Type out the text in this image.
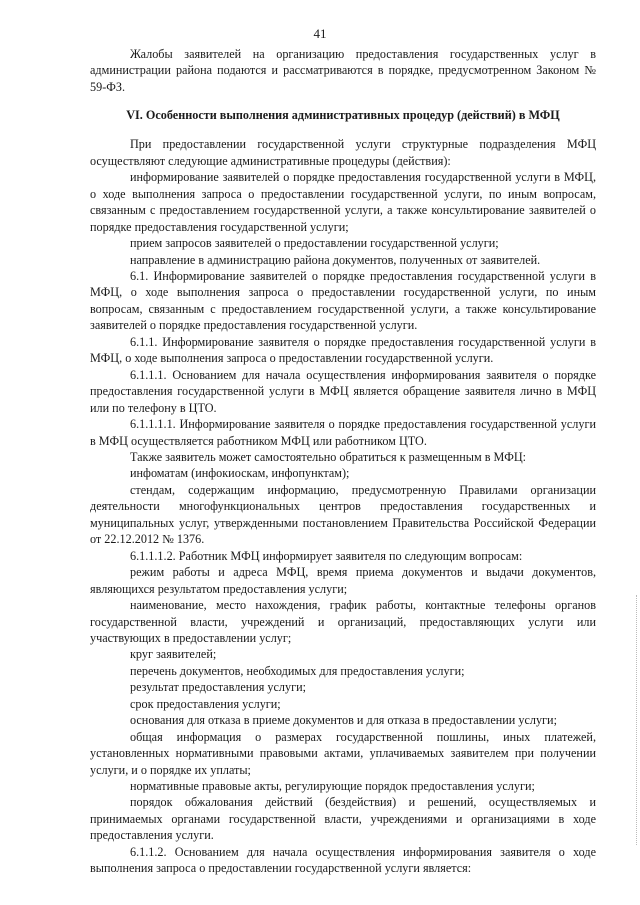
41

Жалобы заявителей на организацию предоставления государственных услуг в администрации района подаются и рассматриваются в порядке, предусмотренном Законом № 59-ФЗ.

VI. Особенности выполнения административных процедур (действий) в МФЦ

При предоставлении государственной услуги структурные подразделения МФЦ осуществляют следующие административные процедуры (действия):

информирование заявителей о порядке предоставления государственной услуги в МФЦ, о ходе выполнения запроса о предоставлении государственной услуги, по иным вопросам, связанным с предоставлением государственной услуги, а также консультирование заявителей о порядке предоставления государственной услуги;

прием запросов заявителей о предоставлении государственной услуги;

направление в администрацию района документов, полученных от заявителей.

6.1. Информирование заявителей о порядке предоставления государственной услуги в МФЦ, о ходе выполнения запроса о предоставлении государственной услуги, по иным вопросам, связанным с предоставлением государственной услуги, а также консультирование заявителей о порядке предоставления государственной услуги.

6.1.1. Информирование заявителя о порядке предоставления государственной услуги в МФЦ, о ходе выполнения запроса о предоставлении государственной услуги.

6.1.1.1. Основанием для начала осуществления информирования заявителя о порядке предоставления государственной услуги в МФЦ является обращение заявителя лично в МФЦ или по телефону в ЦТО.

6.1.1.1.1. Информирование заявителя о порядке предоставления государственной услуги в МФЦ осуществляется работником МФЦ или работником ЦТО.

Также заявитель может самостоятельно обратиться к размещенным в МФЦ:

инфоматам (инфокиоскам, инфопунктам);

стендам, содержащим информацию, предусмотренную Правилами организации деятельности многофункциональных центров предоставления государственных и муниципальных услуг, утвержденными постановлением Правительства Российской Федерации от 22.12.2012 № 1376.

6.1.1.1.2. Работник МФЦ информирует заявителя по следующим вопросам:

режим работы и адреса МФЦ, время приема документов и выдачи документов, являющихся результатом предоставления услуги;

наименование, место нахождения, график работы, контактные телефоны органов государственной власти, учреждений и организаций, предоставляющих услуги или участвующих в предоставлении услуг;

круг заявителей;

перечень документов, необходимых для предоставления услуги;

результат предоставления услуги;

срок предоставления услуги;

основания для отказа в приеме документов и для отказа в предоставлении услуги;

общая информация о размерах государственной пошлины, иных платежей, установленных нормативными правовыми актами, уплачиваемых заявителем при получении услуги, и о порядке их уплаты;

нормативные правовые акты, регулирующие порядок предоставления услуги;

порядок обжалования действий (бездействия) и решений, осуществляемых и принимаемых органами государственной власти, учреждениями и организациями в ходе предоставления услуги.

6.1.1.2. Основанием для начала осуществления информирования заявителя о ходе выполнения запроса о предоставлении государственной услуги является:
